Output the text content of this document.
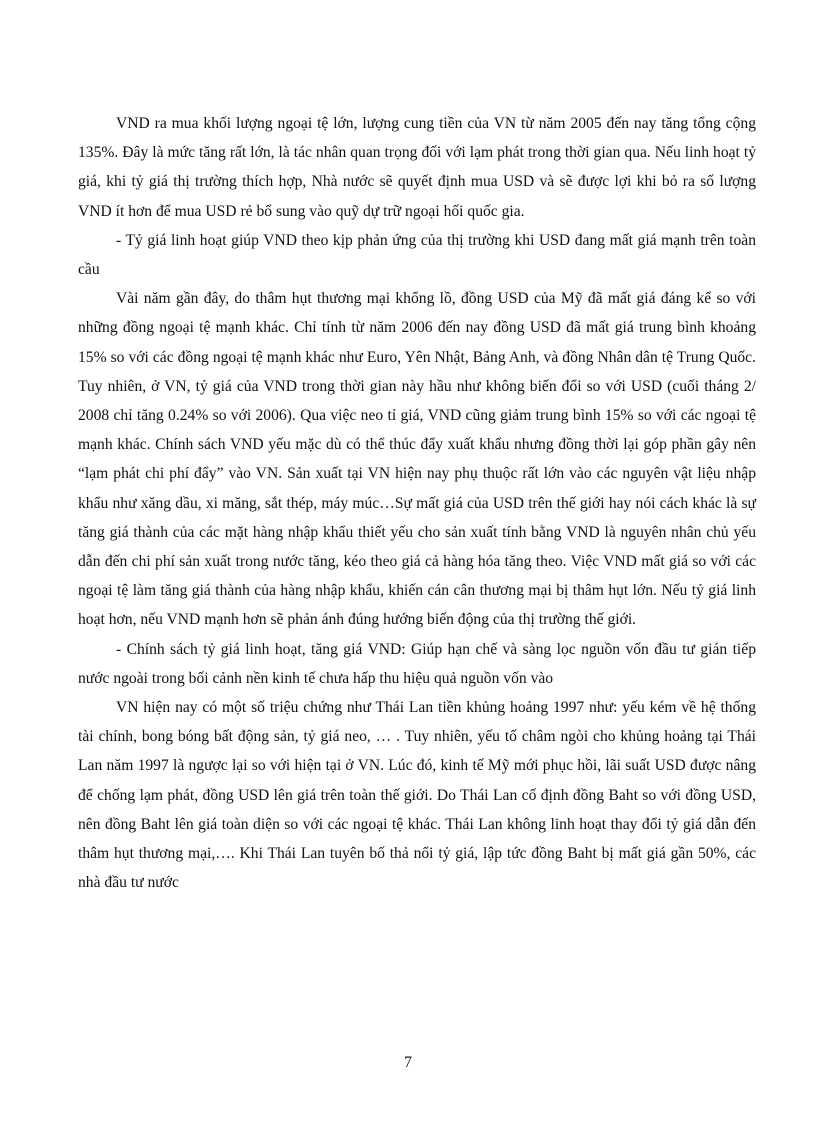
VND ra mua khối lượng ngoại tệ lớn, lượng cung tiền của VN từ năm 2005 đến nay tăng tổng cộng 135%. Đây là mức tăng rất lớn, là tác nhân quan trọng đối với lạm phát trong thời gian qua. Nếu linh hoạt tỷ giá, khi tỷ giá thị trường thích hợp, Nhà nước sẽ quyết định mua USD và sẽ được lợi khi bỏ ra số lượng VND ít hơn để mua USD rẻ bổ sung vào quỹ dự trữ ngoại hối quốc gia.

- Tỷ giá linh hoạt giúp VND theo kịp phản ứng của thị trường khi USD đang mất giá mạnh trên toàn cầu

Vài năm gần đây, do thâm hụt thương mại khổng lồ, đồng USD của Mỹ đã mất giá đáng kể so với những đồng ngoại tệ mạnh khác. Chỉ tính từ năm 2006 đến nay đồng USD đã mất giá trung bình khoảng 15% so với các đồng ngoại tệ mạnh khác như Euro, Yên Nhật, Bảng Anh, và đồng Nhân dân tệ Trung Quốc. Tuy nhiên, ở VN, tỷ giá của VND trong thời gian này hầu như không biến đổi so với USD (cuối tháng 2/ 2008 chỉ tăng 0.24% so với 2006). Qua việc neo tỉ giá, VND cũng giảm trung bình 15% so với các ngoại tệ mạnh khác. Chính sách VND yếu mặc dù có thể thúc đẩy xuất khẩu nhưng đồng thời lại góp phần gây nên “lạm phát chi phí đẩy” vào VN. Sản xuất tại VN hiện nay phụ thuộc rất lớn vào các nguyên vật liệu nhập khẩu như xăng dầu, xi măng, sắt thép, máy múc…Sự mất giá của USD trên thế giới hay nói cách khác là sự tăng giá thành của các mặt hàng nhập khẩu thiết yếu cho sản xuất tính bằng VND là nguyên nhân chủ yếu dẫn đến chi phí sản xuất trong nước tăng, kéo theo giá cả hàng hóa tăng theo. Việc VND mất giá so với các ngoại tệ làm tăng giá thành của hàng nhập khẩu, khiến cán cân thương mại bị thâm hụt lớn. Nếu tỷ giá linh hoạt hơn, nếu VND mạnh hơn sẽ phản ánh đúng hướng biến động của thị trường thế giới.

- Chính sách tỷ giá linh hoạt, tăng giá VND: Giúp hạn chế và sàng lọc nguồn vốn đầu tư gián tiếp nước ngoài trong bối cảnh nền kinh tế chưa hấp thu hiệu quả nguồn vốn vào

VN hiện nay có một số triệu chứng như Thái Lan tiền khủng hoảng 1997 như: yếu kém về hệ thống tài chính, bong bóng bất động sản, tỷ giá neo, … . Tuy nhiên, yếu tố châm ngòi cho khủng hoảng tại Thái Lan năm 1997 là ngược lại so với hiện tại ở VN. Lúc đó, kinh tế Mỹ mới phục hồi, lãi suất USD được nâng để chống lạm phát, đồng USD lên giá trên toàn thế giới. Do Thái Lan cố định đồng Baht so với đồng USD, nên đồng Baht lên giá toàn diện so với các ngoại tệ khác. Thái Lan không linh hoạt thay đổi tỷ giá dẫn đến thâm hụt thương mại,…. Khi Thái Lan tuyên bố thả nổi tỷ giá, lập tức đồng Baht bị mất giá gần 50%, các nhà đầu tư nước

7
